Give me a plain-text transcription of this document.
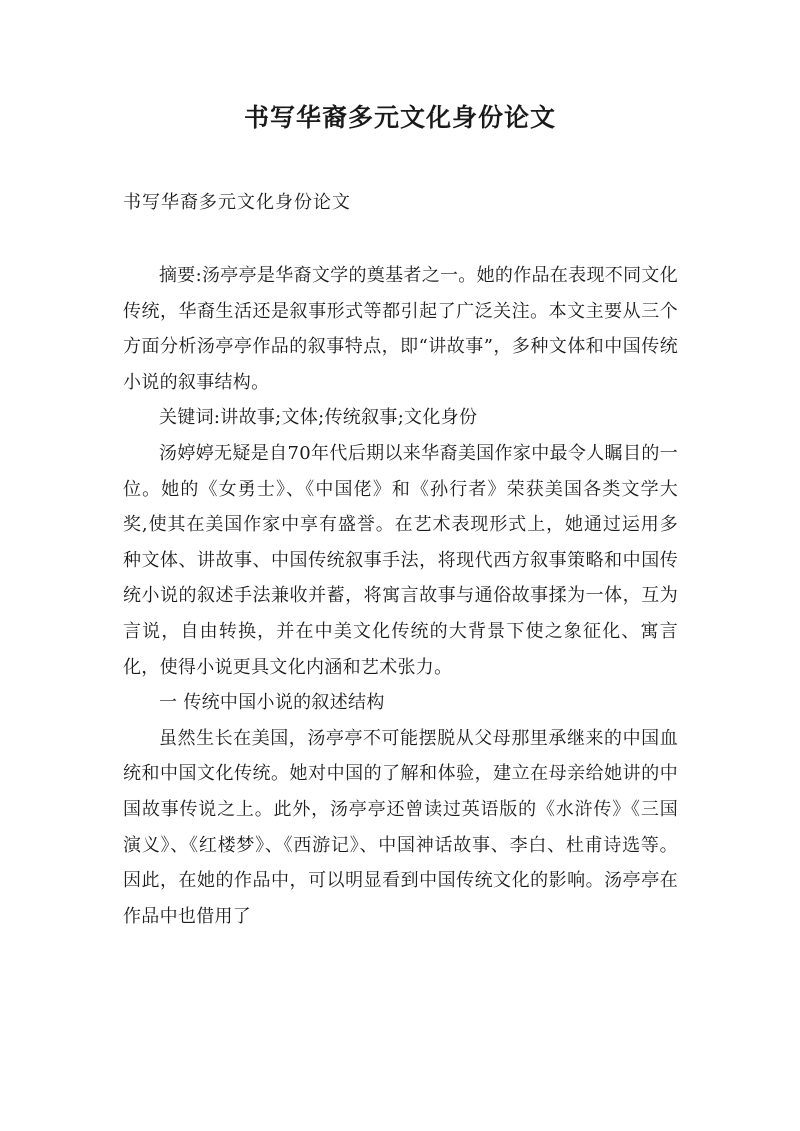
书写华裔多元文化身份论文

书写华裔多元文化身份论文

摘要:汤亭亭是华裔文学的奠基者之一。她的作品在表现不同文化传统，华裔生活还是叙事形式等都引起了广泛关注。本文主要从三个方面分析汤亭亭作品的叙事特点，即“讲故事”，多种文体和中国传统小说的叙事结构。

关键词:讲故事;文体;传统叙事;文化身份

汤婷婷无疑是自70年代后期以来华裔美国作家中最令人瞩目的一位。她的《女勇士》、《中国佬》和《孙行者》荣获美国各类文学大奖,使其在美国作家中享有盛誉。在艺术表现形式上，她通过运用多种文体、讲故事、中国传统叙事手法，将现代西方叙事策略和中国传统小说的叙述手法兼收并蓄，将寓言故事与通俗故事揉为一体，互为言说，自由转换，并在中美文化传统的大背景下使之象征化、寓言化，使得小说更具文化内涵和艺术张力。

一 传统中国小说的叙述结构

虽然生长在美国，汤亭亭不可能摆脱从父母那里承继来的中国血统和中国文化传统。她对中国的了解和体验，建立在母亲给她讲的中国故事传说之上。此外，汤亭亭还曾读过英语版的《水浒传》《三国演义》、《红楼梦》、《西游记》、中国神话故事、李白、杜甫诗选等。因此，在她的作品中，可以明显看到中国传统文化的影响。汤亭亭在作品中也借用了
